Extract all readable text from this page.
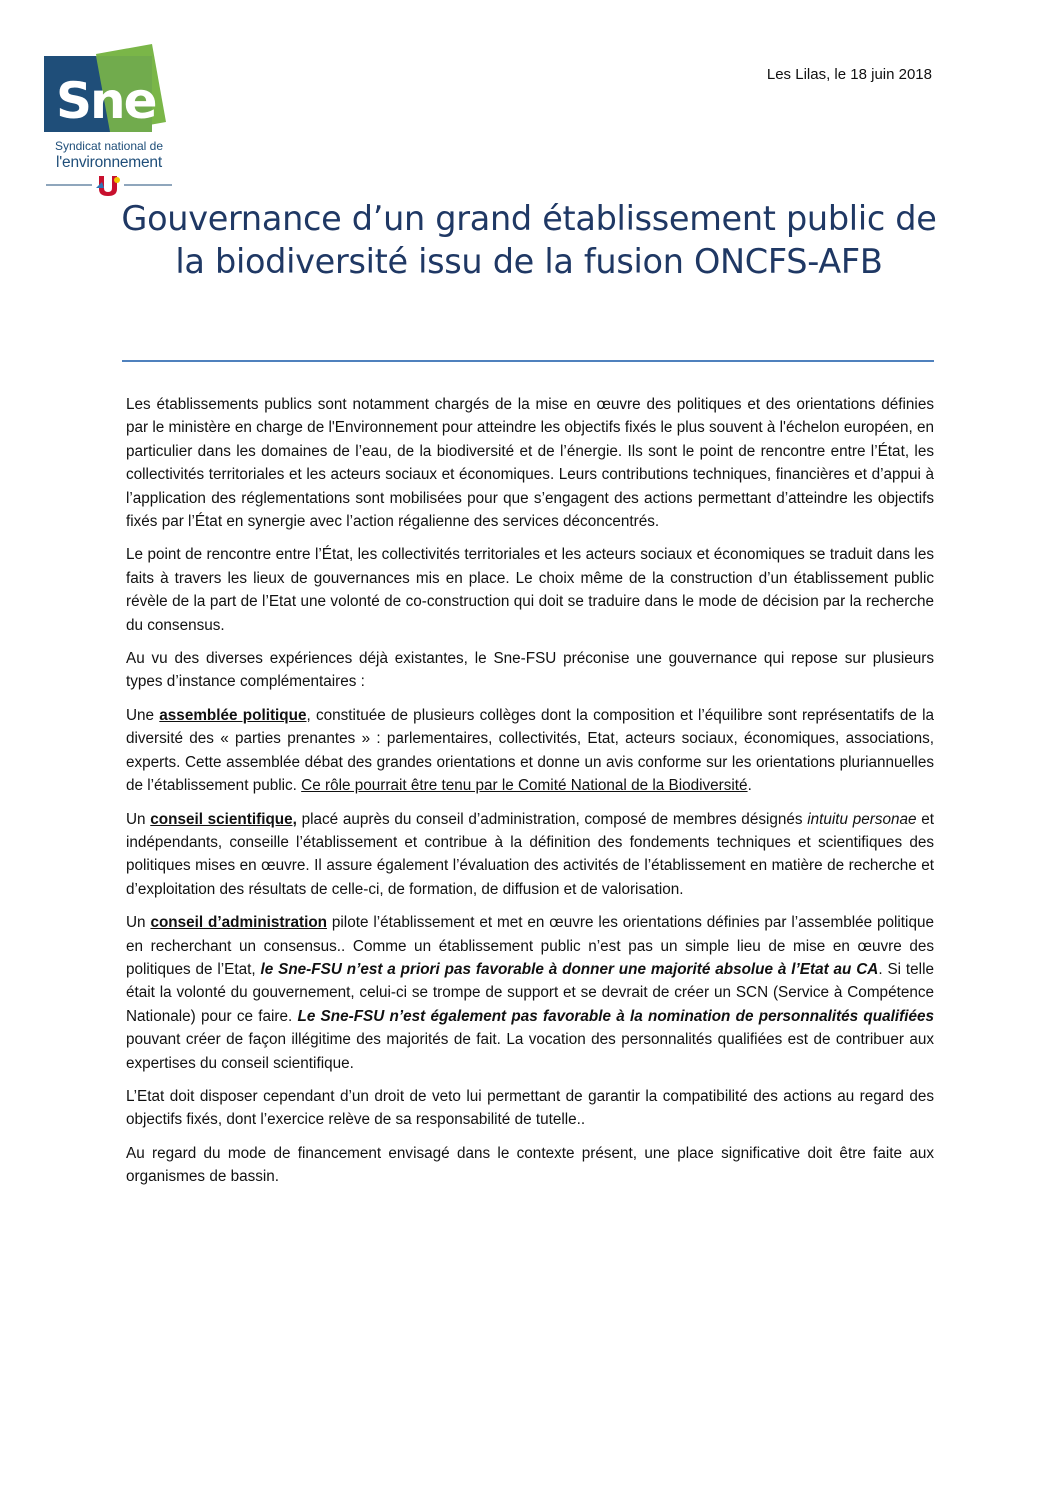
Sne
Syndicat national de
l'environnement
Les Lilas, le 18 juin 2018
Gouvernance d’un grand établissement public de la biodiversité issu de la fusion ONCFS-AFB

Les établissements publics sont notamment chargés de la mise en œuvre des politiques et des orientations définies par le ministère en charge de l'Environnement pour atteindre les objectifs fixés le plus souvent à l'échelon européen, en particulier dans les domaines de l’eau, de la biodiversité et de l’énergie. Ils sont le point de rencontre entre l’État, les collectivités territoriales et les acteurs sociaux et économiques. Leurs contributions techniques, financières et d’appui à l’application des réglementations sont mobilisées pour que s’engagent des actions permettant d’atteindre les objectifs fixés par l’État en synergie avec l’action régalienne des services déconcentrés.

Le point de rencontre entre l’État, les collectivités territoriales et les acteurs sociaux et économiques se traduit dans les faits à travers les lieux de gouvernances mis en place. Le choix même de la construction d’un établissement public révèle de la part de l’Etat une volonté de co-construction qui doit se traduire dans le mode de décision par la recherche du consensus.

Au vu des diverses expériences déjà existantes, le Sne-FSU préconise une gouvernance qui repose sur plusieurs types d’instance complémentaires :

Une assemblée politique, constituée de plusieurs collèges dont la composition et l’équilibre sont représentatifs de la diversité des « parties prenantes » : parlementaires, collectivités, Etat, acteurs sociaux, économiques, associations, experts. Cette assemblée débat des grandes orientations et donne un avis conforme sur les orientations pluriannuelles de l’établissement public. Ce rôle pourrait être tenu par le Comité National de la Biodiversité.

Un conseil scientifique, placé auprès du conseil d’administration, composé de membres désignés intuitu personae et indépendants, conseille l’établissement et contribue à la définition des fondements techniques et scientifiques des politiques mises en œuvre. Il assure également l’évaluation des activités de l’établissement en matière de recherche et d’exploitation des résultats de celle-ci, de formation, de diffusion et de valorisation.

Un conseil d’administration pilote l’établissement et met en œuvre les orientations définies par l’assemblée politique en recherchant un consensus.. Comme un établissement public n’est pas un simple lieu de mise en œuvre des politiques de l’Etat, le Sne-FSU n’est a priori pas favorable à donner une majorité absolue à l’Etat au CA. Si telle était la volonté du gouvernement, celui-ci se trompe de support et se devrait de créer un SCN (Service à Compétence Nationale) pour ce faire. Le Sne-FSU n’est également pas favorable à la nomination de personnalités qualifiées pouvant créer de façon illégitime des majorités de fait. La vocation des personnalités qualifiées est de contribuer aux expertises du conseil scientifique.

L’Etat doit disposer cependant d’un droit de veto lui permettant de garantir la compatibilité des actions au regard des objectifs fixés, dont l’exercice relève de sa responsabilité de tutelle..

Au regard du mode de financement envisagé dans le contexte présent, une place significative doit être faite aux organismes de bassin.
